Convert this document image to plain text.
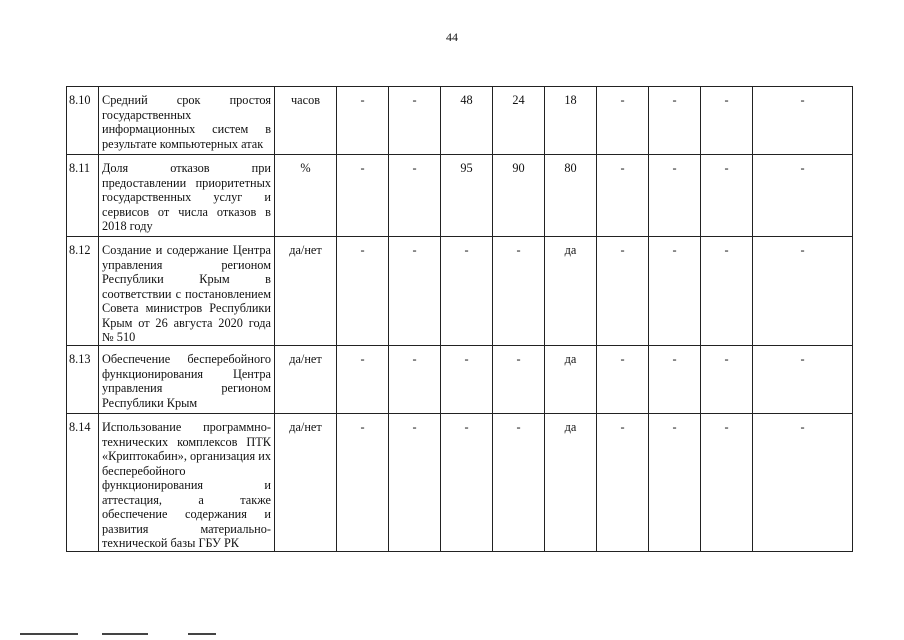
44
8.10	Средний срок простоя государственных информационных систем в результате компьютерных атак	часов	-	-	48	24	18	-	-	-	-
8.11	Доля отказов при предоставлении приоритетных государственных услуг и сервисов от числа отказов в 2018 году	%	-	-	95	90	80	-	-	-	-
8.12	Создание и содержание Центра управления регионом Республики Крым в соответствии с постановлением Совета министров Республики Крым от 26 августа 2020 года № 510	да/нет	-	-	-	-	да	-	-	-	-
8.13	Обеспечение бесперебойного функционирования Центра управления регионом Республики Крым	да/нет	-	-	-	-	да	-	-	-	-
8.14	Использование программно-технических комплексов ПТК «Криптокабин», организация их бесперебойного функционирования и аттестация, а также обеспечение содержания и развития материально-технической базы ГБУ РК	да/нет	-	-	-	-	да	-	-	-	-
